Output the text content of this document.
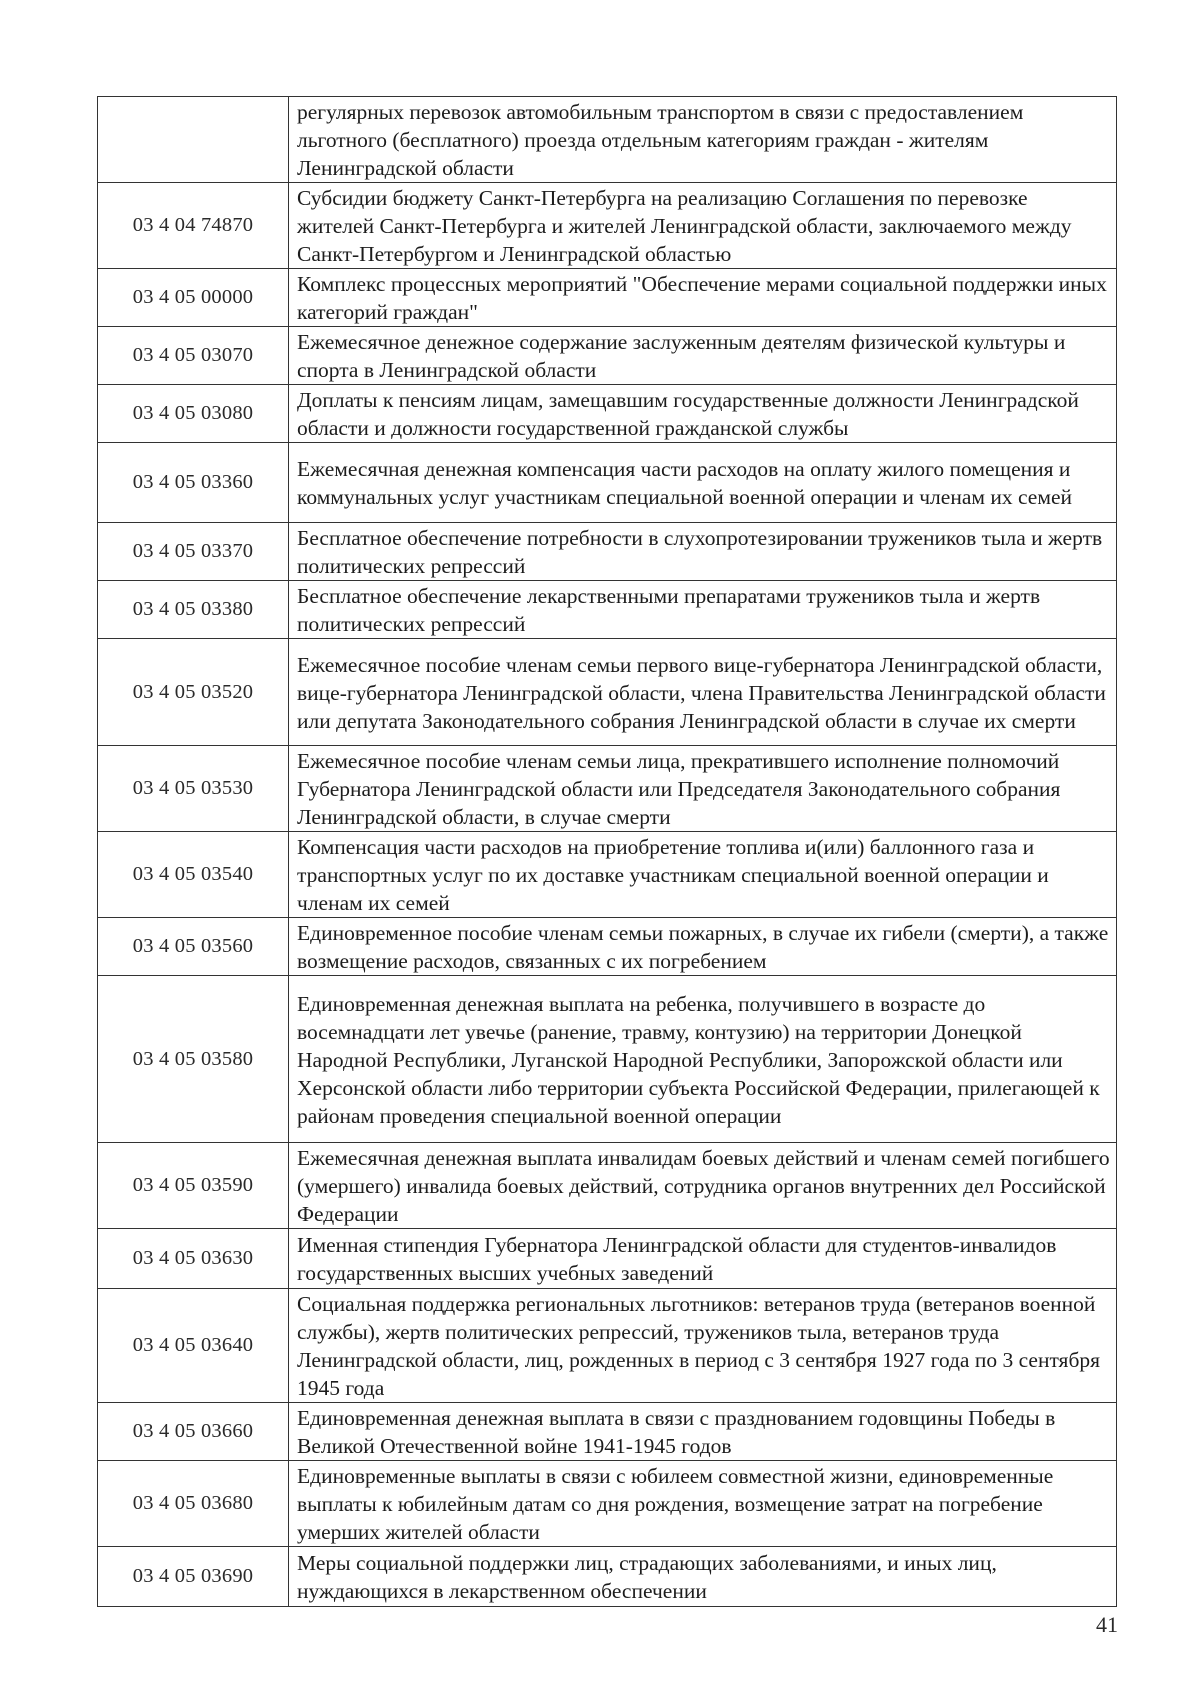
	регулярных перевозок автомобильным транспортом в связи с предоставлением льготного (бесплатного) проезда отдельным категориям граждан - жителям Ленинградской области
03 4 04 74870	Субсидии бюджету Санкт-Петербурга на реализацию Соглашения по перевозке жителей Санкт-Петербурга и жителей Ленинградской области, заключаемого между Санкт-Петербургом и Ленинградской областью
03 4 05 00000	Комплекс процессных мероприятий "Обеспечение мерами социальной поддержки иных категорий граждан"
03 4 05 03070	Ежемесячное денежное содержание заслуженным деятелям физической культуры и спорта в Ленинградской области
03 4 05 03080	Доплаты к пенсиям лицам, замещавшим государственные должности Ленинградской области и должности государственной гражданской службы
03 4 05 03360	Ежемесячная денежная компенсация части расходов на оплату жилого помещения и коммунальных услуг участникам специальной военной операции и членам их семей
03 4 05 03370	Бесплатное обеспечение потребности в слухопротезировании тружеников тыла и жертв политических репрессий
03 4 05 03380	Бесплатное обеспечение лекарственными препаратами тружеников тыла и жертв политических репрессий
03 4 05 03520	Ежемесячное пособие членам семьи первого вице-губернатора Ленинградской области, вице-губернатора Ленинградской области, члена Правительства Ленинградской области или депутата Законодательного собрания Ленинградской области в случае их смерти
03 4 05 03530	Ежемесячное пособие членам семьи лица, прекратившего исполнение полномочий Губернатора Ленинградской области или Председателя Законодательного собрания Ленинградской области, в случае смерти
03 4 05 03540	Компенсация части расходов на приобретение топлива и(или) баллонного газа и транспортных услуг по их доставке участникам специальной военной операции и членам их семей
03 4 05 03560	Единовременное пособие членам семьи пожарных, в случае их гибели (смерти), а также возмещение расходов, связанных с их погребением
03 4 05 03580	Единовременная денежная выплата на ребенка, получившего в возрасте до восемнадцати лет увечье (ранение, травму, контузию) на территории Донецкой Народной Республики, Луганской Народной Республики, Запорожской области или Херсонской области либо территории субъекта Российской Федерации, прилегающей к районам проведения специальной военной операции
03 4 05 03590	Ежемесячная денежная выплата инвалидам боевых действий и членам семей погибшего (умершего) инвалида боевых действий, сотрудника органов внутренних дел Российской Федерации
03 4 05 03630	Именная стипендия Губернатора Ленинградской области для студентов-инвалидов государственных высших учебных заведений
03 4 05 03640	Социальная поддержка региональных льготников: ветеранов труда (ветеранов военной службы), жертв политических репрессий, тружеников тыла, ветеранов труда Ленинградской области, лиц, рожденных в период с 3 сентября 1927 года по 3 сентября 1945 года
03 4 05 03660	Единовременная денежная выплата в связи с празднованием годовщины Победы в Великой Отечественной войне 1941-1945 годов
03 4 05 03680	Единовременные выплаты в связи с юбилеем совместной жизни, единовременные выплаты к юбилейным датам со дня рождения, возмещение затрат на погребение умерших жителей области
03 4 05 03690	Меры социальной поддержки лиц, страдающих заболеваниями, и иных лиц, нуждающихся в лекарственном обеспечении
41
